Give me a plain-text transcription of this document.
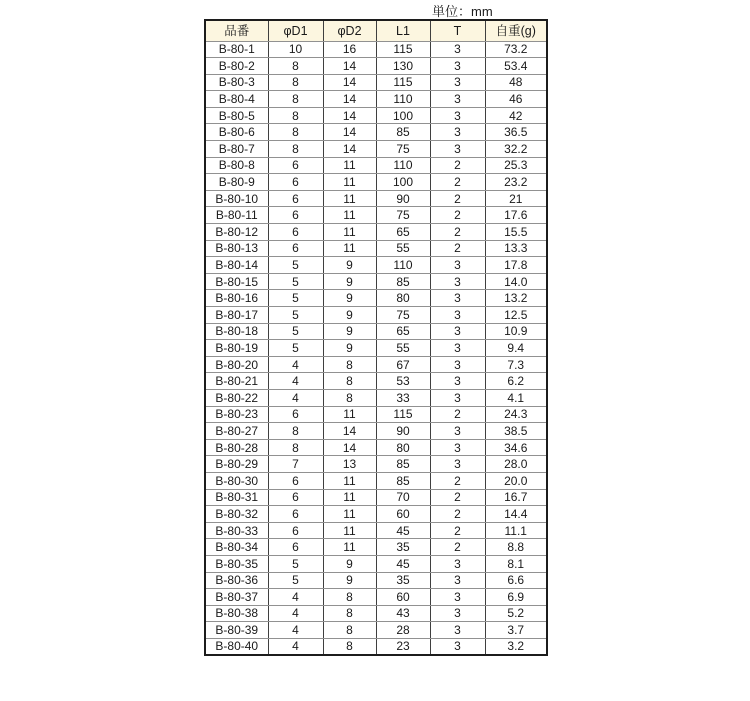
単位：mm
品番	φD1	φD2	L1	T	自重(g)
B-80-1	10	16	115	3	73.2
B-80-2	8	14	130	3	53.4
B-80-3	8	14	115	3	48
B-80-4	8	14	110	3	46
B-80-5	8	14	100	3	42
B-80-6	8	14	85	3	36.5
B-80-7	8	14	75	3	32.2
B-80-8	6	11	110	2	25.3
B-80-9	6	11	100	2	23.2
B-80-10	6	11	90	2	21
B-80-11	6	11	75	2	17.6
B-80-12	6	11	65	2	15.5
B-80-13	6	11	55	2	13.3
B-80-14	5	9	110	3	17.8
B-80-15	5	9	85	3	14.0
B-80-16	5	9	80	3	13.2
B-80-17	5	9	75	3	12.5
B-80-18	5	9	65	3	10.9
B-80-19	5	9	55	3	9.4
B-80-20	4	8	67	3	7.3
B-80-21	4	8	53	3	6.2
B-80-22	4	8	33	3	4.1
B-80-23	6	11	115	2	24.3
B-80-27	8	14	90	3	38.5
B-80-28	8	14	80	3	34.6
B-80-29	7	13	85	3	28.0
B-80-30	6	11	85	2	20.0
B-80-31	6	11	70	2	16.7
B-80-32	6	11	60	2	14.4
B-80-33	6	11	45	2	11.1
B-80-34	6	11	35	2	8.8
B-80-35	5	9	45	3	8.1
B-80-36	5	9	35	3	6.6
B-80-37	4	8	60	3	6.9
B-80-38	4	8	43	3	5.2
B-80-39	4	8	28	3	3.7
B-80-40	4	8	23	3	3.2
